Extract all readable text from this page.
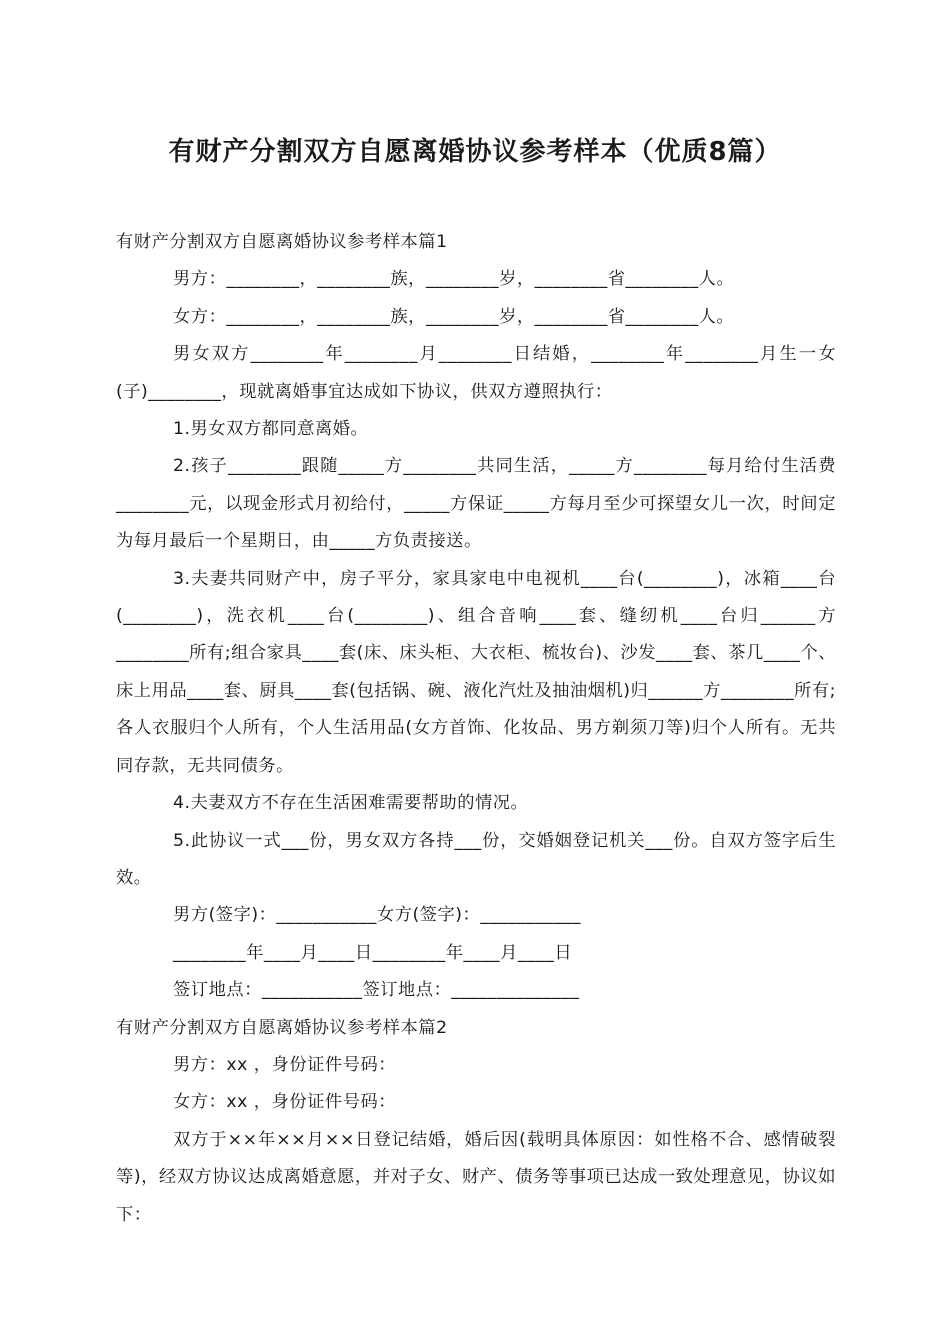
有财产分割双方自愿离婚协议参考样本（优质8篇）

有财产分割双方自愿离婚协议参考样本篇1

男方：________，________族，________岁，________省________人。

女方：________，________族，________岁，________省________人。

男女双方________年________月________日结婚，________年________月生一女(子)________，现就离婚事宜达成如下协议，供双方遵照执行：

1.男女双方都同意离婚。

2.孩子________跟随_____方________共同生活，_____方________每月给付生活费________元，以现金形式月初给付，_____方保证_____方每月至少可探望女儿一次，时间定为每月最后一个星期日，由_____方负责接送。

3.夫妻共同财产中，房子平分，家具家电中电视机____台(________)，冰箱____台(________)，洗衣机____台(________)、组合音响____套、缝纫机____台归______方________所有;组合家具____套(床、床头柜、大衣柜、梳妆台)、沙发____套、茶几____个、床上用品____套、厨具____套(包括锅、碗、液化汽灶及抽油烟机)归______方________所有;各人衣服归个人所有，个人生活用品(女方首饰、化妆品、男方剃须刀等)归个人所有。无共同存款，无共同债务。

4.夫妻双方不存在生活困难需要帮助的情况。

5.此协议一式___份，男女双方各持___份，交婚姻登记机关___份。自双方签字后生效。

男方(签字)：___________女方(签字)：___________

________年____月____日________年____月____日

签订地点：___________签订地点：______________

有财产分割双方自愿离婚协议参考样本篇2

男方：xx ，身份证件号码：

女方：xx ，身份证件号码：

双方于××年××月××日登记结婚，婚后因(载明具体原因：如性格不合、感情破裂等)，经双方协议达成离婚意愿，并对子女、财产、债务等事项已达成一致处理意见，协议如下：
